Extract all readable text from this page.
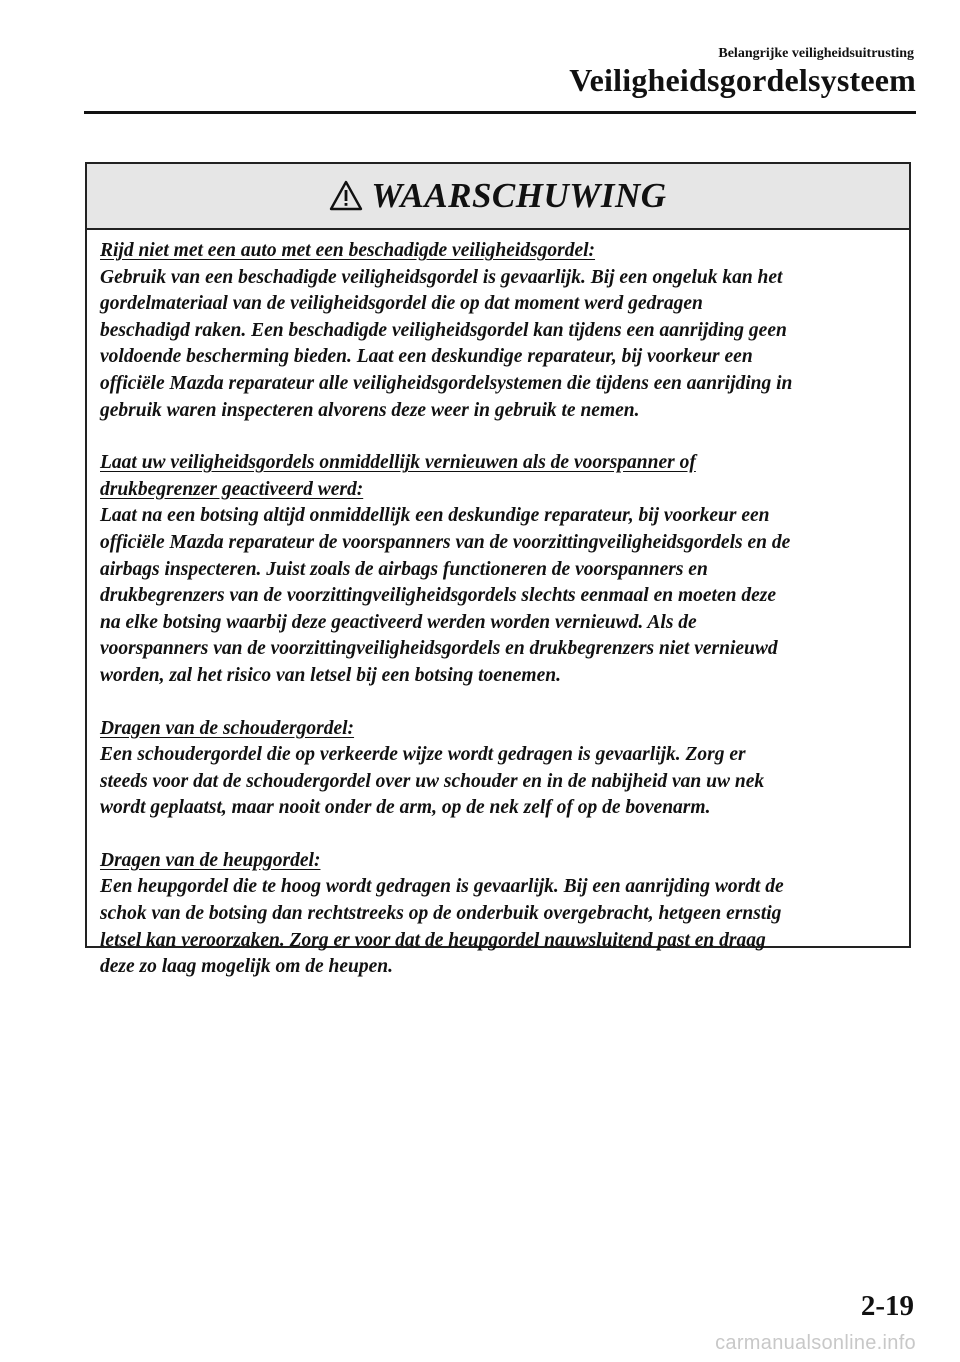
Belangrijke veiligheidsuitrusting
Veiligheidsgordelsysteem
WAARSCHUWING
Rijd niet met een auto met een beschadigde veiligheidsgordel:
Gebruik van een beschadigde veiligheidsgordel is gevaarlijk. Bij een ongeluk kan het
gordelmateriaal van de veiligheidsgordel die op dat moment werd gedragen
beschadigd raken. Een beschadigde veiligheidsgordel kan tijdens een aanrijding geen
voldoende bescherming bieden. Laat een deskundige reparateur, bij voorkeur een
officiële Mazda reparateur alle veiligheidsgordelsystemen die tijdens een aanrijding in
gebruik waren inspecteren alvorens deze weer in gebruik te nemen.
Laat uw veiligheidsgordels onmiddellijk vernieuwen als de voorspanner of
drukbegrenzer geactiveerd werd:
Laat na een botsing altijd onmiddellijk een deskundige reparateur, bij voorkeur een
officiële Mazda reparateur de voorspanners van de voorzittingveiligheidsgordels en de
airbags inspecteren. Juist zoals de airbags functioneren de voorspanners en
drukbegrenzers van de voorzittingveiligheidsgordels slechts eenmaal en moeten deze
na elke botsing waarbij deze geactiveerd werden worden vernieuwd. Als de
voorspanners van de voorzittingveiligheidsgordels en drukbegrenzers niet vernieuwd
worden, zal het risico van letsel bij een botsing toenemen.
Dragen van de schoudergordel:
Een schoudergordel die op verkeerde wijze wordt gedragen is gevaarlijk. Zorg er
steeds voor dat de schoudergordel over uw schouder en in de nabijheid van uw nek
wordt geplaatst, maar nooit onder de arm, op de nek zelf of op de bovenarm.
Dragen van de heupgordel:
Een heupgordel die te hoog wordt gedragen is gevaarlijk. Bij een aanrijding wordt de
schok van de botsing dan rechtstreeks op de onderbuik overgebracht, hetgeen ernstig
letsel kan veroorzaken. Zorg er voor dat de heupgordel nauwsluitend past en draag
deze zo laag mogelijk om de heupen.
2-19
carmanualsonline.info
